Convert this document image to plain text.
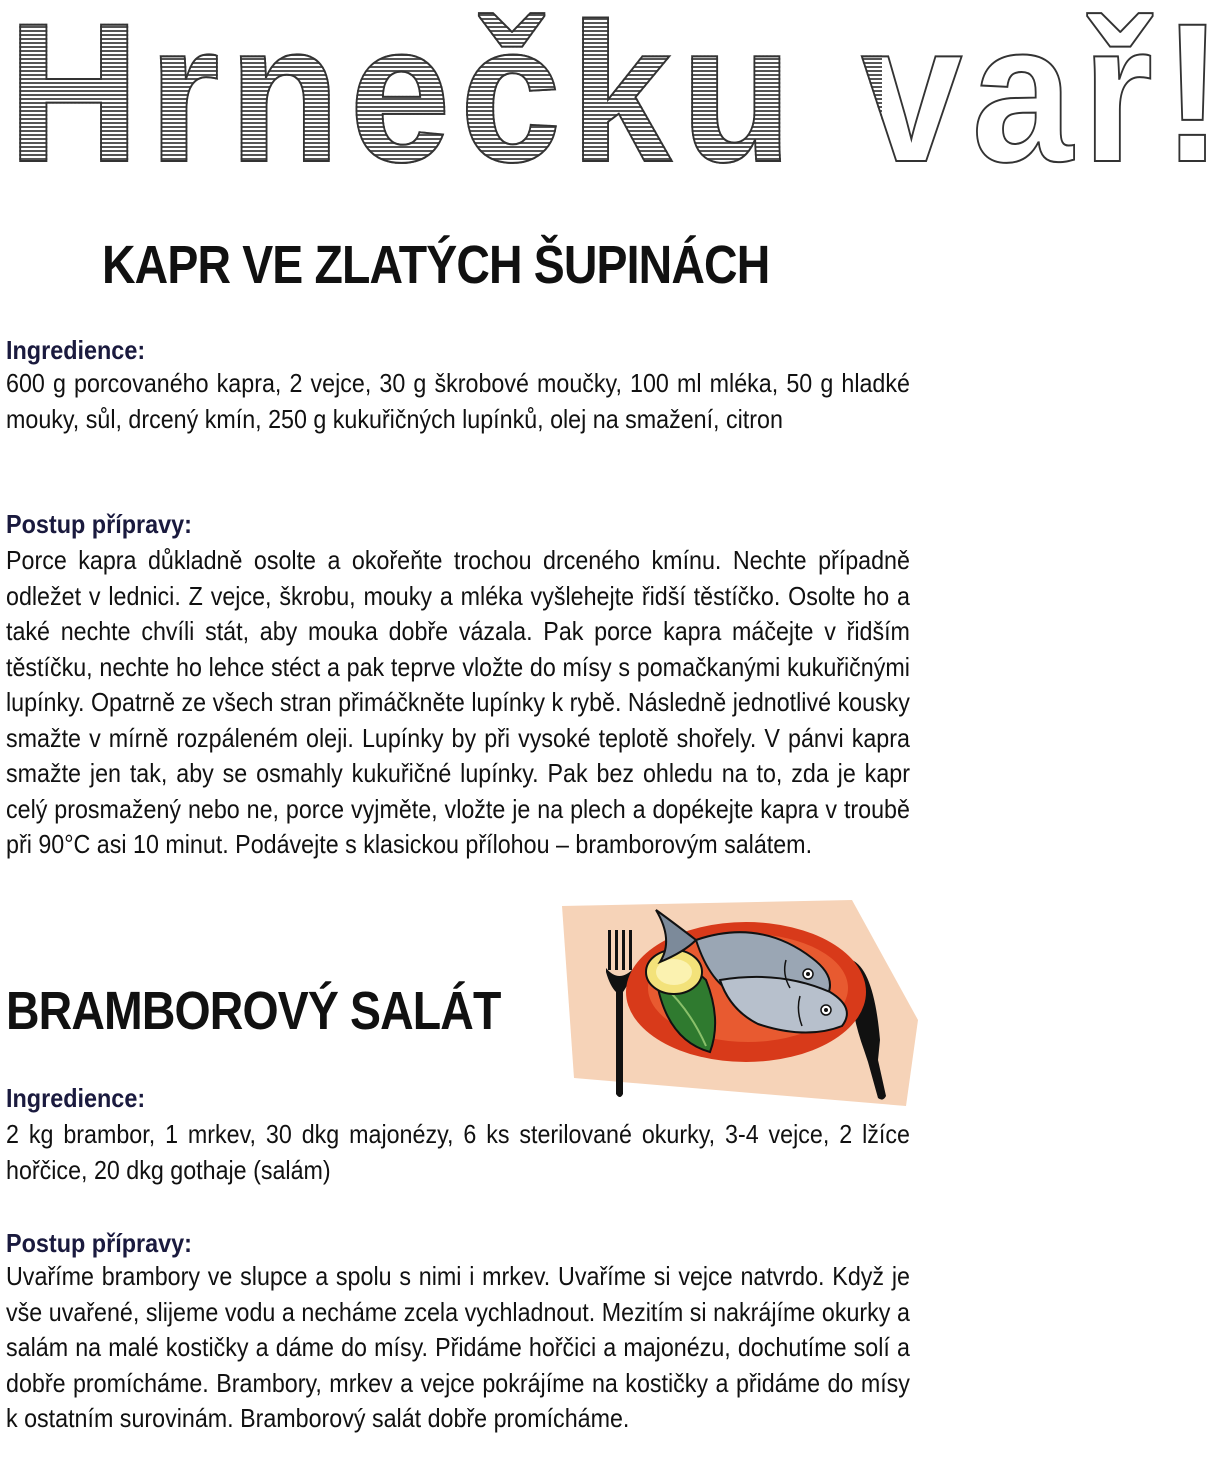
Hrnečku vař!
KAPR VE ZLATÝCH ŠUPINÁCH
Ingredience:

600 g porcovaného kapra, 2 vejce, 30 g škrobové moučky, 100 ml mléka, 50 g hladké mouky, sůl, drcený kmín, 250 g kukuřičných lupínků, olej na smažení, citron

Postup přípravy:

Porce kapra důkladně osolte a okořeňte trochou drceného kmínu. Nechte případně odležet v lednici. Z vejce, škrobu, mouky a mléka vyšlehejte řidší těstíčko. Osolte ho a také nechte chvíli stát, aby mouka dobře vázala. Pak porce kapra máčejte v řidším těstíčku, nechte ho lehce stéct a pak teprve vložte do mísy s pomačkanými kukuřičnými lupínky. Opatrně ze všech stran přimáčkněte lupínky k rybě. Následně jednotlivé kousky smažte v mírně rozpáleném oleji. Lupínky by při vysoké teplotě shořely. V pánvi kapra smažte jen tak, aby se osmahly kukuřičné lupínky. Pak bez ohledu na to, zda je kapr celý prosmažený nebo ne, porce vyjměte, vložte je na plech a dopékejte kapra v troubě při 90°C asi 10 minut. Podávejte s klasickou přílohou – bramborovým salátem.

BRAMBOROVÝ SALÁT
Ingredience:

2 kg brambor, 1 mrkev, 30 dkg majonézy, 6 ks sterilované okurky, 3-4 vejce, 2 lžíce hořčice, 20 dkg gothaje (salám)

Postup přípravy:

Uvaříme brambory ve slupce a spolu s nimi i mrkev. Uvaříme si vejce natvrdo. Když je vše uvařené, slijeme vodu a necháme zcela vychladnout. Mezitím si nakrájíme okurky a salám na malé kostičky a dáme do mísy. Přidáme hořčici a majonézu, dochutíme solí a dobře promícháme. Brambory, mrkev a vejce pokrájíme na kostičky a přidáme do mísy k ostatním surovinám. Bramborový salát dobře promícháme.
